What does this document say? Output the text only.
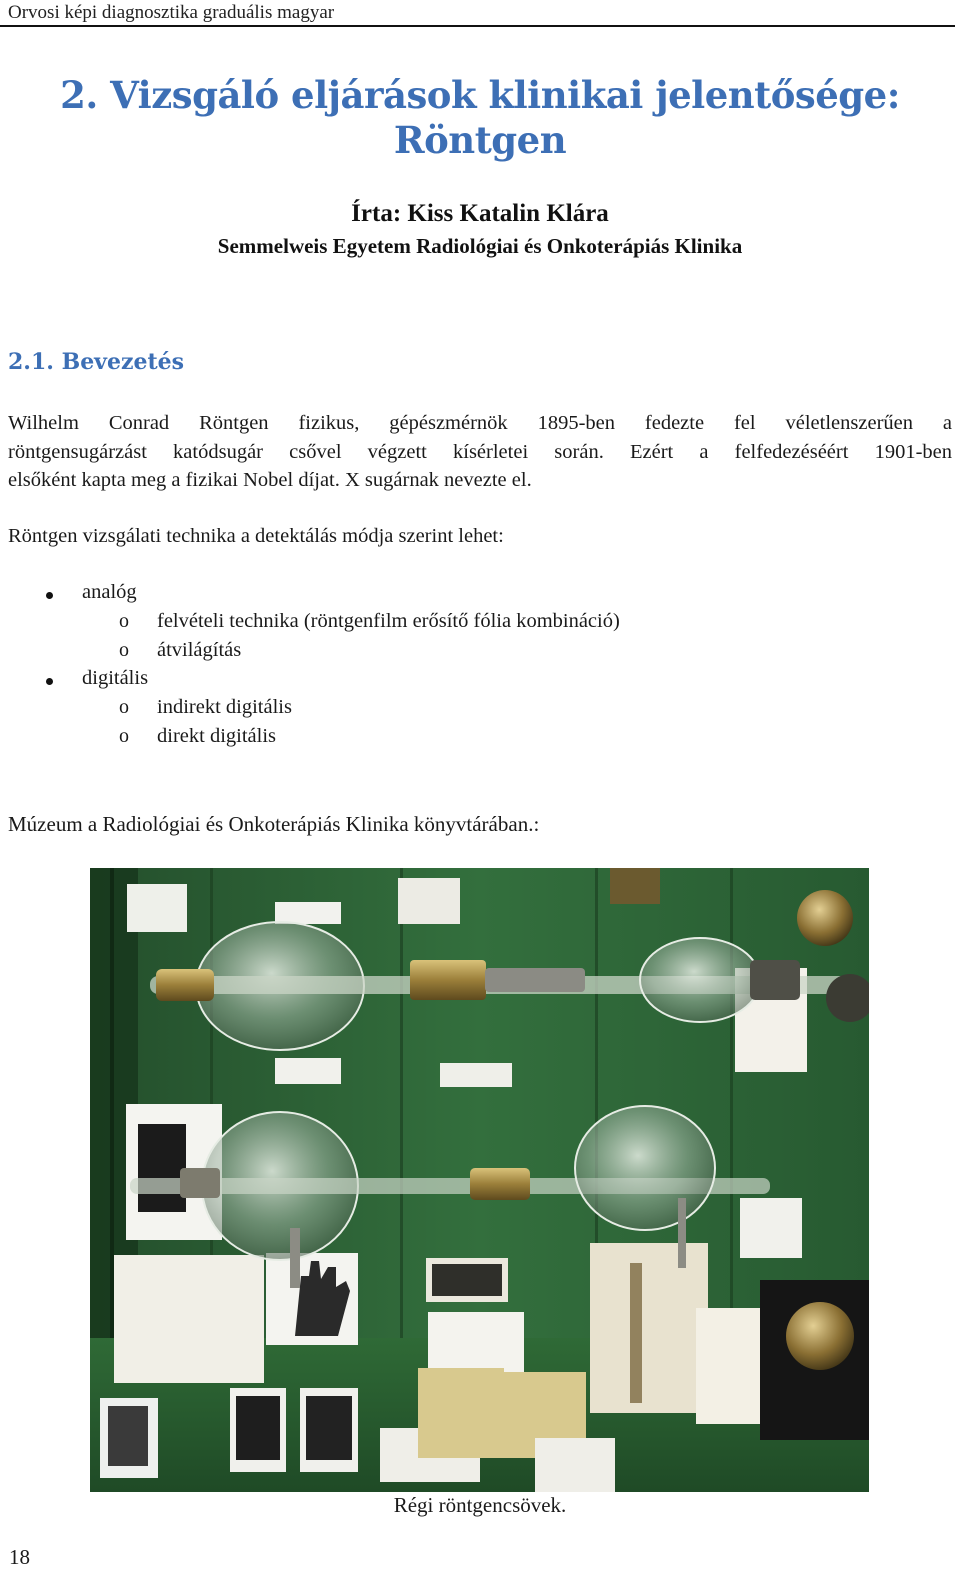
Orvosi képi diagnosztika graduális magyar
2. Vizsgáló eljárások klinikai jelentősége:
Röntgen
Írta: Kiss Katalin Klára
Semmelweis Egyetem Radiológiai és Onkoterápiás Klinika
2.1. Bevezetés

Wilhelm Conrad Röntgen fizikus, gépészmérnök 1895-ben fedezte fel véletlenszerűen a
röntgensugárzást katódsugár csővel végzett kísérletei során. Ezért a felfedezéséért 1901-ben
elsőként kapta meg a fizikai Nobel díjat. X sugárnak nevezte el.

Röntgen vizsgálati technika a detektálás módja szerint lehet:

analóg
o felvételi technika (röntgenfilm erősítő fólia kombináció)
o átvilágítás
digitális
o indirekt digitális
o direkt digitális

Múzeum a Radiológiai és Onkoterápiás Klinika könyvtárában.:

Régi röntgencsövek.
18
